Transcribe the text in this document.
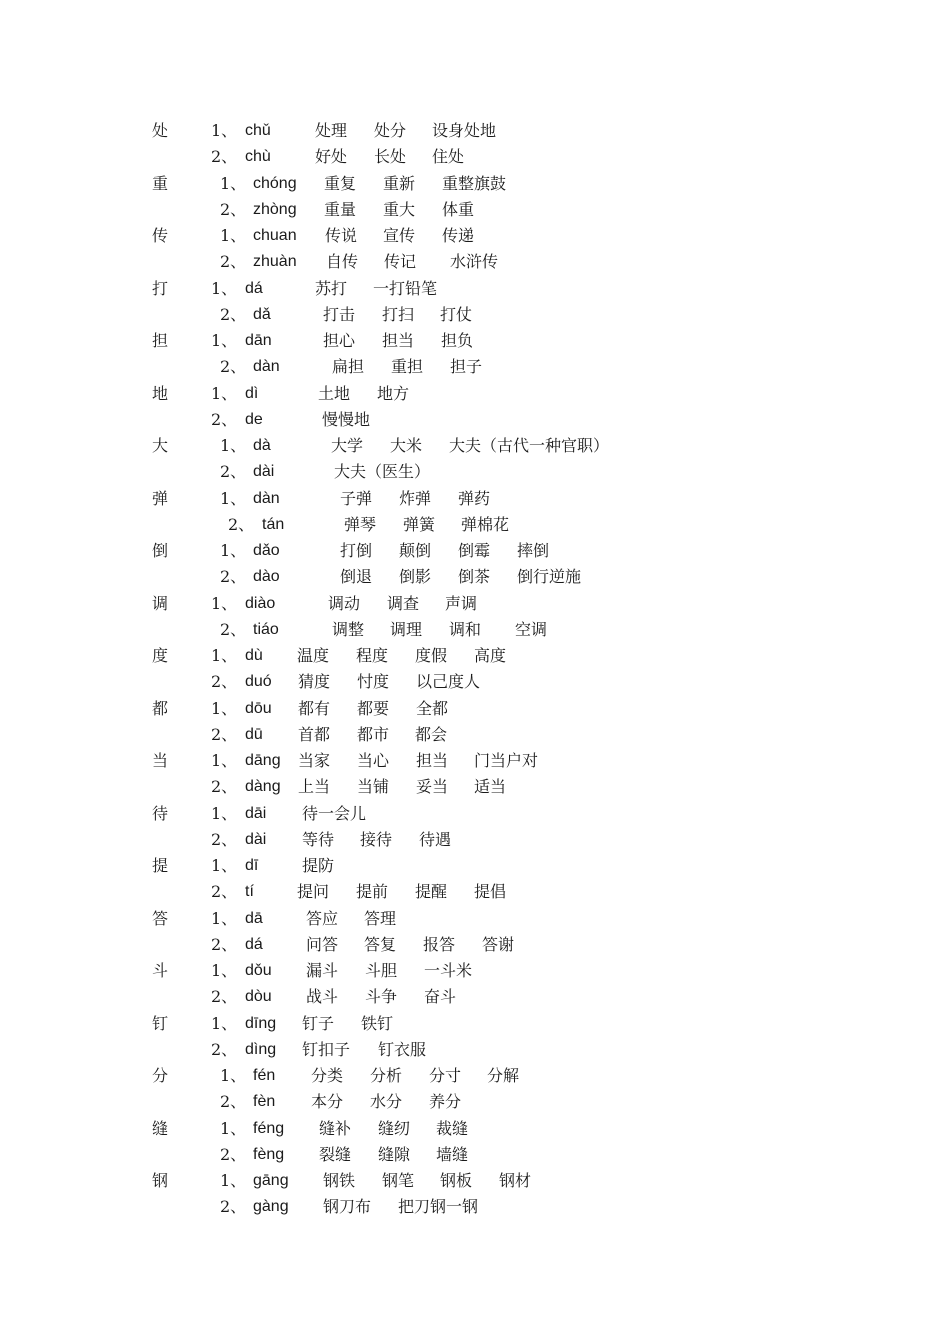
处	1、 chǔ	处理 处分 设身处地
2、 chù	好处 长处 住处
重	1、 chóng 重复 重新 重整旗鼓
2、 zhòng 重量 重大 体重
传	1、 chuan 传说 宣传 传递
2、 zhuàn 自传 传记 水浒传
打	1、 dá	苏打 一打铅笔
2、 dǎ	打击 打扫 打仗
担	1、 dān	担心 担当 担负
2、 dàn	扁担 重担 担子
地	1、 dì	土地 地方
2、 de	慢慢地
大	1、 dà	大学 大米 大夫（古代一种官职）
2、 dài	大夫（医生）
弹	1、 dàn	子弹 炸弹 弹药
2、 tán	弹琴 弹簧 弹棉花
倒	1、 dǎo	打倒 颠倒 倒霉 摔倒
2、 dào	倒退 倒影 倒茶 倒行逆施
调	1、 diào	调动 调查 声调
2、 tiáo	调整 调理 调和 空调
度	1、 dù 温度 程度 度假 高度
2、 duó 猜度 忖度 以己度人
都	1、 dōu 都有 都要 全都
2、 dū 首都 都市 都会
当	1、 dāng 当家 当心 担当 门当户对
2、 dàng 上当 当铺 妥当 适当
待	1、 dāi 待一会儿
2、 dài 等待 接待 待遇
提	1、 dī	提防
2、 tí	提问 提前 提醒 提倡
答	1、 dā	答应 答理
2、 dá	问答 答复 报答 答谢
斗	1、 dǒu 漏斗 斗胆 一斗米
2、 dòu 战斗 斗争 奋斗
钉	1、 dīng 钉子 铁钉
2、 dìng 钉扣子 钉衣服
分	1、 fén 分类 分析 分寸 分解
2、 fèn 本分 水分 养分
缝	1、 féng 缝补 缝纫 裁缝
2、 fèng 裂缝 缝隙 墙缝
钢	1、 gāng 钢铁 钢笔 钢板 钢材
2、 gàng 钢刀布 把刀钢一钢
